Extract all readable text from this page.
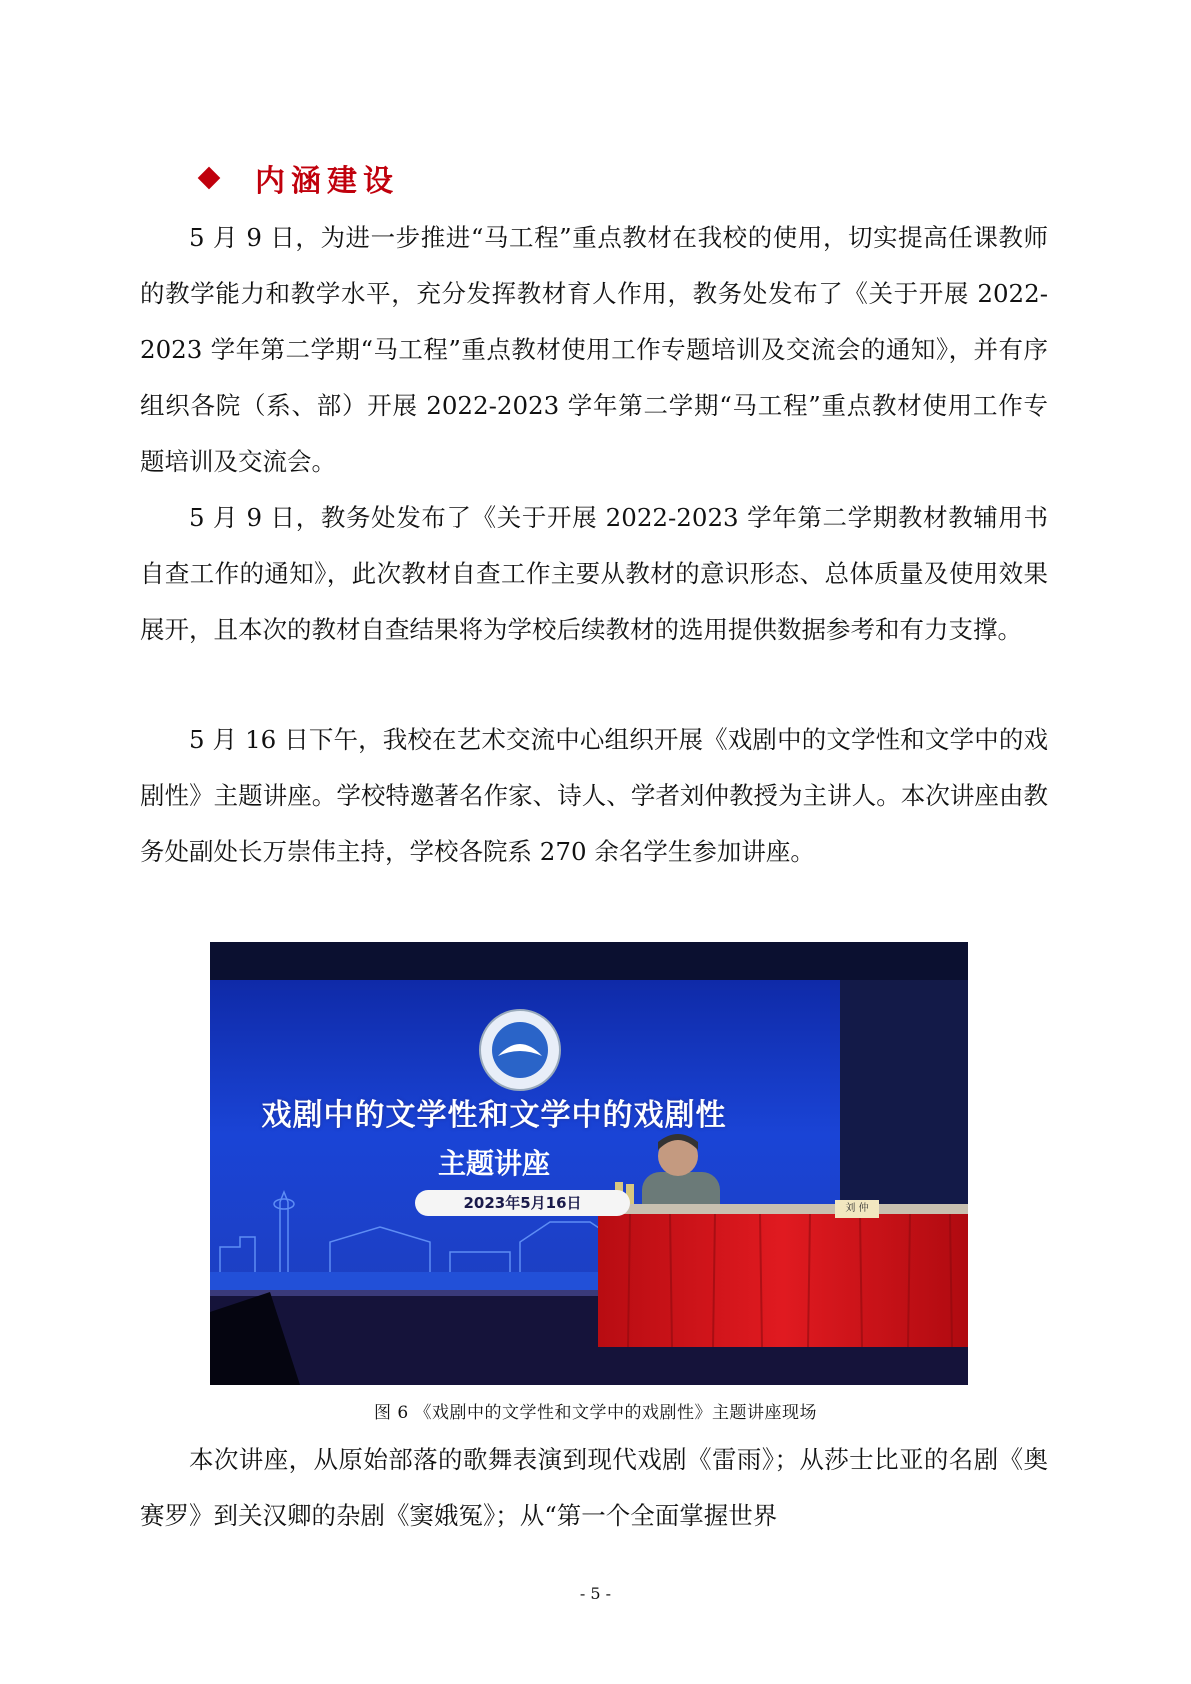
内涵建设

5 月 9 日，为进一步推进“马工程”重点教材在我校的使用，切实提高任课教师的教学能力和教学水平，充分发挥教材育人作用，教务处发布了《关于开展 2022-2023 学年第二学期“马工程”重点教材使用工作专题培训及交流会的通知》，并有序组织各院（系、部）开展 2022-2023 学年第二学期“马工程”重点教材使用工作专题培训及交流会。

5 月 9 日，教务处发布了《关于开展 2022-2023 学年第二学期教材教辅用书自查工作的通知》，此次教材自查工作主要从教材的意识形态、总体质量及使用效果展开，且本次的教材自查结果将为学校后续教材的选用提供数据参考和有力支撑。

5 月 16 日下午，我校在艺术交流中心组织开展《戏剧中的文学性和文学中的戏剧性》主题讲座。学校特邀著名作家、诗人、学者刘仲教授为主讲人。本次讲座由教务处副处长万崇伟主持，学校各院系 270 余名学生参加讲座。

戏剧中的文学性和文学中的戏剧性
主题讲座
2023年5月16日	刘 仲
图 6 《戏剧中的文学性和文学中的戏剧性》主题讲座现场

本次讲座，从原始部落的歌舞表演到现代戏剧《雷雨》；从莎士比亚的名剧《奥赛罗》到关汉卿的杂剧《窦娥冤》；从“第一个全面掌握世界

- 5 -
